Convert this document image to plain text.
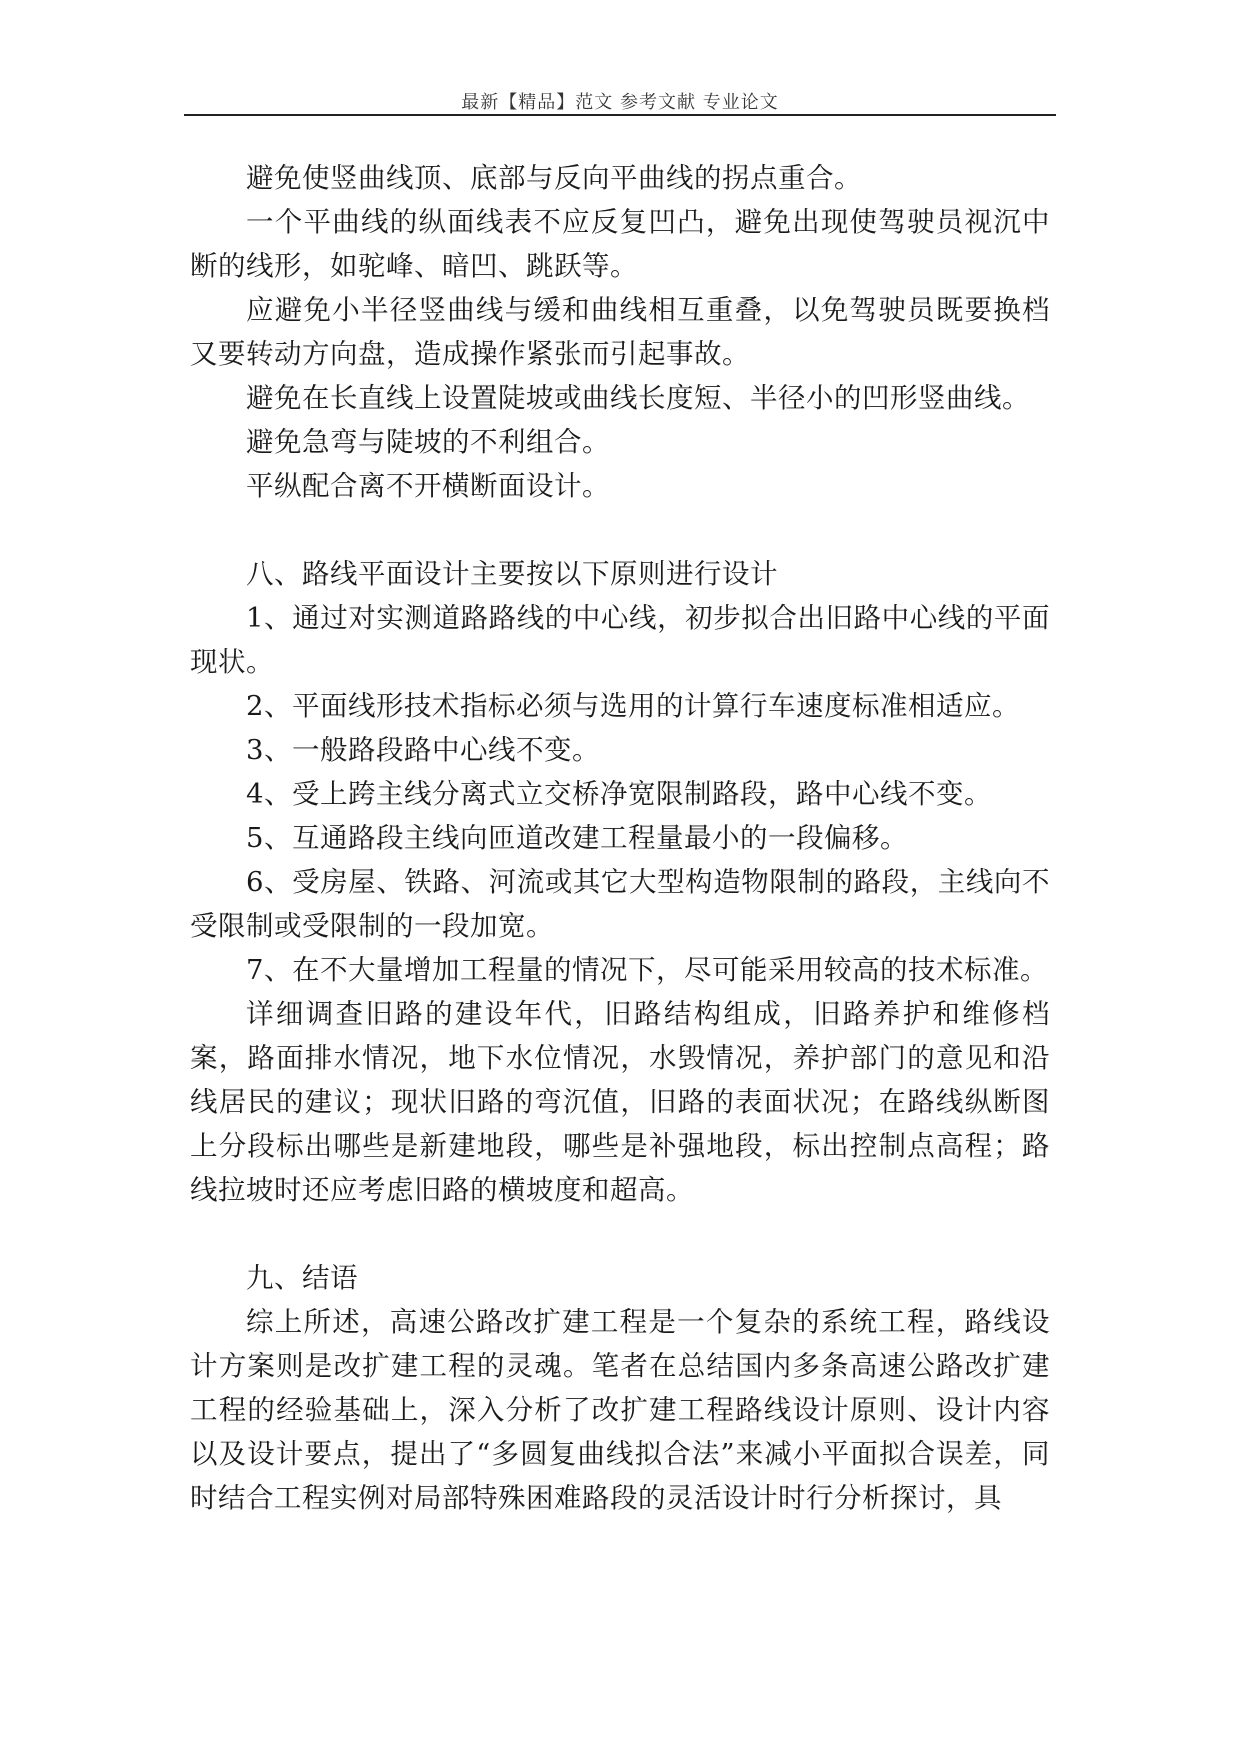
最新【精品】范文 参考文献 专业论文

避免使竖曲线顶、底部与反向平曲线的拐点重合。

一个平曲线的纵面线表不应反复凹凸，避免出现使驾驶员视沉中断的线形，如驼峰、暗凹、跳跃等。

应避免小半径竖曲线与缓和曲线相互重叠，以免驾驶员既要换档又要转动方向盘，造成操作紧张而引起事故。

避免在长直线上设置陡坡或曲线长度短、半径小的凹形竖曲线。

避免急弯与陡坡的不利组合。

平纵配合离不开横断面设计。

八、路线平面设计主要按以下原则进行设计

1、通过对实测道路路线的中心线，初步拟合出旧路中心线的平面现状。

2、平面线形技术指标必须与选用的计算行车速度标准相适应。

3、一般路段路中心线不变。

4、受上跨主线分离式立交桥净宽限制路段，路中心线不变。

5、互通路段主线向匝道改建工程量最小的一段偏移。

6、受房屋、铁路、河流或其它大型构造物限制的路段，主线向不受限制或受限制的一段加宽。

7、在不大量增加工程量的情况下，尽可能采用较高的技术标准。

详细调查旧路的建设年代，旧路结构组成，旧路养护和维修档案，路面排水情况，地下水位情况，水毁情况，养护部门的意见和沿线居民的建议；现状旧路的弯沉值，旧路的表面状况；在路线纵断图上分段标出哪些是新建地段，哪些是补强地段，标出控制点高程；路线拉坡时还应考虑旧路的横坡度和超高。

九、结语

综上所述，高速公路改扩建工程是一个复杂的系统工程，路线设计方案则是改扩建工程的灵魂。笔者在总结国内多条高速公路改扩建工程的经验基础上，深入分析了改扩建工程路线设计原则、设计内容以及设计要点，提出了“多圆复曲线拟合法”来减小平面拟合误差，同时结合工程实例对局部特殊困难路段的灵活设计时行分析探讨，具
